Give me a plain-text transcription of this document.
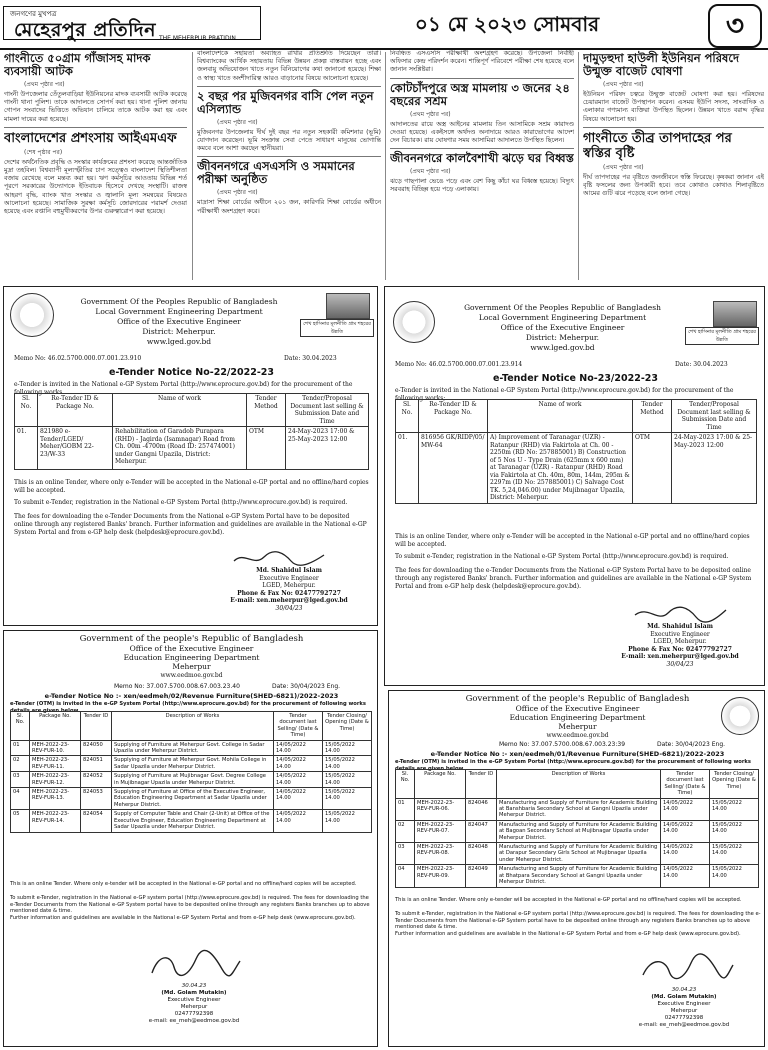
জনগণের মুখপত্র
মেহেরপুর প্রতিদিন THE MEHERPUR PRATIDIN
০১ মে ২০২৩ সোমবার	৩
গাংনীতে ৫০গ্রাম গাঁজাসহ মাদক ব্যবসায়ী আটক
(প্রথম পৃষ্ঠার পর)

গাংনী উপজেলার তেঁতুলবাড়িয়া ইউনিয়নের মাদক ব্যবসায়ী আটক করেছে গাংনী থানা পুলিশ। তাকে আদালতে সোপর্দ করা হয়। থানা পুলিশ জানায় গোপন সংবাদের ভিত্তিতে অভিযান চালিয়ে তাকে আটক করা হয় এবং মামলা দায়ের করা হয়েছে।

বাংলাদেশের প্রশংসায় আইএমএফ
(শেষ পৃষ্ঠার পর)

দেশের অর্থনৈতিক প্রবৃদ্ধি ও সংস্কার কার্যক্রমের প্রশংসা করেছে আন্তর্জাতিক মুদ্রা তহবিল। বিশ্বব্যাপী মূল্যস্ফীতির চাপ সত্ত্বেও বাংলাদেশ স্থিতিশীলতা বজায় রেখেছে বলে মন্তব্য করা হয়। ঋণ কর্মসূচির আওতায় বিভিন্ন শর্ত পূরণে সরকারের উদ্যোগকে ইতিবাচক হিসেবে দেখছে সংস্থাটি। রাজস্ব আহরণ বৃদ্ধি, ব্যাংক খাত সংস্কার ও জ্বালানি মূল্য সমন্বয়ের বিষয়েও আলোচনা হয়েছে। সামাজিক সুরক্ষা কর্মসূচি জোরদারের পরামর্শ দেওয়া হয়েছে এবং রপ্তানি বহুমুখীকরণের উপর গুরুত্বারোপ করা হয়েছে।

বাংলাদেশকে সহায়তা অব্যাহত রাখার প্রতিশ্রুতি দিয়েছেন তারা। বিশ্বব্যাংকের আর্থিক সহায়তায় বিভিন্ন উন্নয়ন প্রকল্প বাস্তবায়ন হচ্ছে এবং জলবায়ু অভিযোজন খাতে নতুন বিনিয়োগের কথা জানানো হয়েছে। শিক্ষা ও স্বাস্থ্য খাতে অংশীদারিত্ব আরও বাড়ানোর বিষয়ে আলোচনা হয়েছে।

২ বছর পর মুজিবনগর বাসি পেল নতুন এসিল্যান্ড
(প্রথম পৃষ্ঠার পর)

মুজিবনগর উপজেলায় দীর্ঘ দুই বছর পর নতুন সহকারী কমিশনার (ভূমি) যোগদান করেছেন। ভূমি সংক্রান্ত সেবা পেতে সাধারণ মানুষের ভোগান্তি কমবে বলে আশা করছেন স্থানীয়রা।

জীবননগরে এসএসসি ও সমমানের পরীক্ষা অনুষ্ঠিত
(প্রথম পৃষ্ঠার পর)

মাদ্রাসা শিক্ষা বোর্ডের অধীনে ২০১ জন, কারিগরি শিক্ষা বোর্ডের অধীনে পরীক্ষার্থী অংশগ্রহণ করে।

নিবন্ধিত এসএসসি পরীক্ষার্থী অংশগ্রহণ করেছে। উপজেলা নির্বাহী অফিসার কেন্দ্র পরিদর্শন করেন। শান্তিপূর্ণ পরিবেশে পরীক্ষা শেষ হয়েছে বলে জানান সংশ্লিষ্টরা।

কোটচাঁদপুরে অস্ত্র মামলায় ৩ জনের ২৪ বছরের সশ্রম
(প্রথম পৃষ্ঠার পর)

আদালতের রায়ে অস্ত্র আইনের মামলায় তিন আসামিকে সশ্রম কারাদণ্ড দেওয়া হয়েছে। একইসঙ্গে অর্থদণ্ড অনাদায়ে আরও কারাভোগের আদেশ দেন বিচারক। রায় ঘোষণার সময় আসামিরা আদালতে উপস্থিত ছিলেন।

জীবননগরে কালবৈশাখী ঝড়ে ঘর বিধ্বস্ত
(প্রথম পৃষ্ঠার পর)

ঝড়ে গাছপালা ভেঙে পড়ে এবং বেশ কিছু কাঁচা ঘর বিধ্বস্ত হয়েছে। বিদ্যুৎ সরবরাহ বিচ্ছিন্ন হয়ে পড়ে এলাকায়।

দামুড়হুদা হাউলী ইউনিয়ন পরিষদে উন্মুক্ত বাজেট ঘোষণা
(প্রথম পৃষ্ঠার পর)

ইউনিয়ন পরিষদ চত্বরে উন্মুক্ত বাজেট ঘোষণা করা হয়। পরিষদের চেয়ারম্যান বাজেট উপস্থাপন করেন। এসময় ইউপি সদস্য, সাংবাদিক ও এলাকার গণ্যমান্য ব্যক্তিরা উপস্থিত ছিলেন। উন্নয়ন খাতে বরাদ্দ বৃদ্ধির বিষয়ে আলোচনা হয়।

গাংনীতে তীব্র তাপদাহের পর স্বস্তির বৃষ্টি
(প্রথম পৃষ্ঠার পর)

দীর্ঘ তাপদাহের পর বৃষ্টিতে জনজীবনে স্বস্তি ফিরেছে। কৃষকরা জানান এই বৃষ্টি ফসলের জন্য উপকারী হবে। তবে কোথাও কোথাও শিলাবৃষ্টিতে আমের গুটি ঝরে পড়েছে বলে জানা গেছে।

শেখ হাসিনার মূলনীতি গ্রাম শহরের উন্নতি
Government Of the Peoples Republic of Bangladesh
Local Government Engineering Department
Office of the Executive Engineer
District: Meherpur.
www.lged.gov.bd
Memo No: 46.02.5700.000.07.001.23.910	Date: 30.04.2023
e-Tender Notice No-22/2022-23
e-Tender is invited in the National e-GP System Portal (http://www.eprocure.gov.bd) for the procurement of the following works.
Sl. No.	Re-Tender ID & Package No.	Name of work	Tender Method	Tender/Proposal Document last selling & Submission Date and Time
01.	821980 e-Tender/LGED/ Meher/GOBM 22-23/W-33	Rehabilitation of Garadob Purapara (RHD) - Jagirda (Isamnagar) Road from Ch. 00m -4700m (Road ID: 257474001) under Gangni Upazila, District: Meherpur.	OTM	24-May-2023 17:00 & 25-May-2023 12:00
This is an online Tender, where only e-Tender will be accepted in the National e-GP portal and no offline/hard copies will be accepted.
To submit e-Tender, registration in the National e-GP System Portal (http://www.eprocure.gov.bd) is required.
The fees for downloading the e-Tender Documents from the National e-GP System Portal have to be deposited online through any registered Banks' branch. Further information and guidelines are available in the National e-GP System Portal and from e-GP help desk (helpdesk@eprocure.gov.bd).
Md. Shahidul Islam
Executive Engineer
LGED, Meherpur.
Phone & Fax No: 02477792727
E-mail: xen.meherpur@lged.gov.bd
30/04/23
শেখ হাসিনার মূলনীতি গ্রাম শহরের উন্নতি
Government Of the Peoples Republic of Bangladesh
Local Government Engineering Department
Office of the Executive Engineer
District: Meherpur.
www.lged.gov.bd
Memo No: 46.02.5700.000.07.001.23.914	Date: 30.04.2023
e-Tender Notice No-23/2022-23
e-Tender is invited in the National e-GP System Portal (http://www.eprocure.gov.bd) for the procurement of the following works;
Sl. No.	Re-Tender ID & Package No.	Name of work	Tender Method	Tender/Proposal Document last selling & Submission Date and Time
01.	816956 GK/RIDP/05/ MW-64	A) Improvement of Taranagar (UZR) - Ratanpur (RHD) via Fakirtola at Ch. 00 - 2250m (RD No: 257885001) B) Construction of 5 Nos U - Type Drain (625mm x 600 mm) at Taranagar (UZR) - Ratanpur (RHD) Road via Fakirtola at Ch. 40m, 80m, 144m, 295m & 2297m (ID No: 257885001) C) Salvage Cost TK. 5,24,046.00) under Mujibnagar Upazila, District: Meherpur.	OTM	24-May-2023 17:00 & 25-May-2023 12:00
This is an online Tender, where only e-Tender will be accepted in the National e-GP portal and no offline/hard copies will be accepted.
To submit e-Tender, registration in the National e-GP System Portal (http://www.eprocure.gov.bd) is required.
The fees for downloading the e-Tender Documents from the National e-GP System Portal have to be deposited online through any registered Banks' branch. Further information and guidelines are available in the National e-GP System Portal and from e-GP help desk (helpdesk@eprocure.gov.bd).
Md. Shahidul Islam
Executive Engineer
LGED, Meherpur.
Phone & Fax No: 02477792727
E-mail: xen.meherpur@lged.gov.bd
30/04/23
Government of the people's Republic of Bangladesh
Office of the Executive Engineer
Education Engineering Department
Meherpur
www.eedmoe.gov.bd
Memo No: 37.007.5700.008.67.003.23.40	Date: 30/04/2023 Eng.
e-Tender Notice No :- xen/eedmeh/02/Revenue Furniture(SHED-6821)/2022-2023
e-Tender (OTM) is invited in the e-GP System Portal (http://www.eprocure.gov.bd) for the procurement of following works details are given below.
Sl. No.	Package No.	Tender ID	Description of Works	Tender document last Selling/ (Date & Time)	Tender Closing/ Opening (Date & Time)
01	MEH-2022-23-REV-FUR-10.	824050	Supplying of Furniture at Meherpur Govt. College in Sadar Upazila under Meherpur District.	14/05/2022 14.00	15/05/2022 14.00
02	MEH-2022-23-REV-FUR-11.	824051	Supplying of Furniture at Meherpur Govt. Mohila College in Sadar Upazila under Meherpur District.	14/05/2022 14.00	15/05/2022 14.00
03	MEH-2022-23-REV-FUR-12.	824052	Supplying of Furniture at Mujibnagar Govt. Degree College in Mujibnagar Upazila under Meherpur District.	14/05/2022 14.00	15/05/2022 14.00
04	MEH-2022-23-REV-FUR-13.	824053	Supplying of Furniture at Office of the Executive Engineer, Education Engineering Department at Sadar Upazila under Meherpur District.	14/05/2022 14.00	15/05/2022 14.00
05	MEH-2022-23-REV-FUR-14.	824054	Supply of Computer Table and Chair (2-Unit) at Office of the Executive Engineer, Education Engineering Department at Sadar Upazila under Meherpur District.	14/05/2022 14.00	15/05/2022 14.00
This is an online Tender. Where only e-tender will be accepted in the National e-GP portal and no offline/hard copies will be accepted.
To submit e-Tender, registration in the National e-GP system portal (http://www.eprocure.gov.bd) is required. The fees for downloading the e-Tender Documents from the National e-GP System portal have to be deposited online through any registers Banks branches up to above mentioned date & time.
Further information and guidelines are available in the National e-GP System Portal and from e-GP help desk (www.eprocure.gov.bd).
30.04.23
(Md. Golam Mutakin)
Executive Engineer
Meherpur
02477792398
e-mail: ee_meh@eedmoe.gov.bd
Government of the people's Republic of Bangladesh
Office of the Executive Engineer
Education Engineering Department
Meherpur
www.eedmoe.gov.bd
Memo No: 37.007.5700.008.67.003.23:39	Date: 30/04/2023 Eng.
e-Tender Notice No :- xen/eedmeh/01/Revenue Furniture(SHED-6821)/2022-2023
e-Tender (OTM) is invited in the e-GP System Portal (http://www.eprocure.gov.bd) for the procurement of following works details are given below.
Sl. No.	Package No.	Tender ID	Description of Works	Tender document last Selling/ (Date & Time)	Tender Closing/ Opening (Date & Time)
01	MEH-2022-23-REV-FUR-06.	824046	Manufacturing and Supply of Furniture for Academic Building at Banshbaria Secondary School at Gangni Upazila under Meherpur District.	14/05/2022 14.00	15/05/2022 14.00
02	MEH-2022-23-REV-FUR-07.	824047	Manufacturing and Supply of Furniture for Academic Building at Bagoan Secondary School at Mujibnagar Upazila under Meherpur District.	14/05/2022 14.00	15/05/2022 14.00
03	MEH-2022-23-REV-FUR-08.	824048	Manufacturing and Supply of Furniture for Academic Building at Darapur Secondary Girls School at Mujibnagar Upazila under Meherpur District.	14/05/2022 14.00	15/05/2022 14.00
04	MEH-2022-23-REV-FUR-09.	824049	Manufacturing and Supply of Furniture for Academic Building at Bhatpara Secondary School at Gangni Upazila under Meherpur District.	14/05/2022 14.00	15/05/2022 14.00
This is an online Tender. Where only e-tender will be accepted in the National e-GP portal and no offline/hard copies will be accepted.
To submit e-Tender, registration in the National e-GP system portal (http://www.eprocure.gov.bd) is required. The fees for downloading the e-Tender Documents from the National e-GP System portal have to be deposited online through any registers Banks branches up to above mentioned date & time.
Further information and guidelines are available in the National e-GP System Portal and from e-GP help desk (www.eprocure.gov.bd).
30.04.23
(Md. Golam Mutakin)
Executive Engineer
Meherpur
02477792398
e-mail: ee_meh@eedmoe.gov.bd
